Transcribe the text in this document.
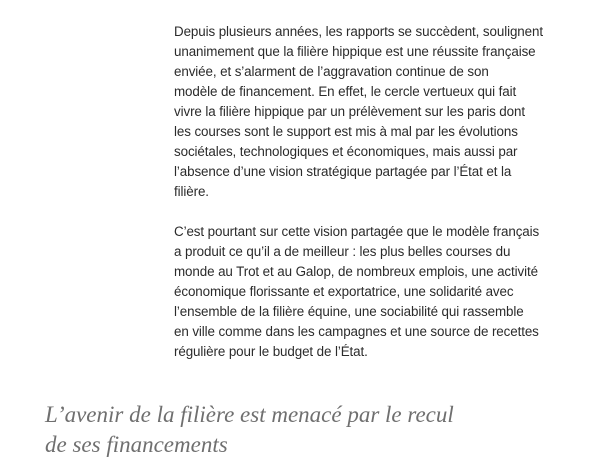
Depuis plusieurs années, les rapports se succèdent, soulignent
unanimement que la filière hippique est une réussite française
enviée, et s’alarment de l’aggravation continue de son
modèle de financement. En effet, le cercle vertueux qui fait
vivre la filière hippique par un prélèvement sur les paris dont
les courses sont le support est mis à mal par les évolutions
sociétales, technologiques et économiques, mais aussi par
l’absence d’une vision stratégique partagée par l’État et la
filière.

C’est pourtant sur cette vision partagée que le modèle français
a produit ce qu’il a de meilleur : les plus belles courses du
monde au Trot et au Galop, de nombreux emplois, une activité
économique florissante et exportatrice, une solidarité avec
l’ensemble de la filière équine, une sociabilité qui rassemble
en ville comme dans les campagnes et une source de recettes
régulière pour le budget de l’État.

L’avenir de la filière est menacé par le recul
de ses financements
